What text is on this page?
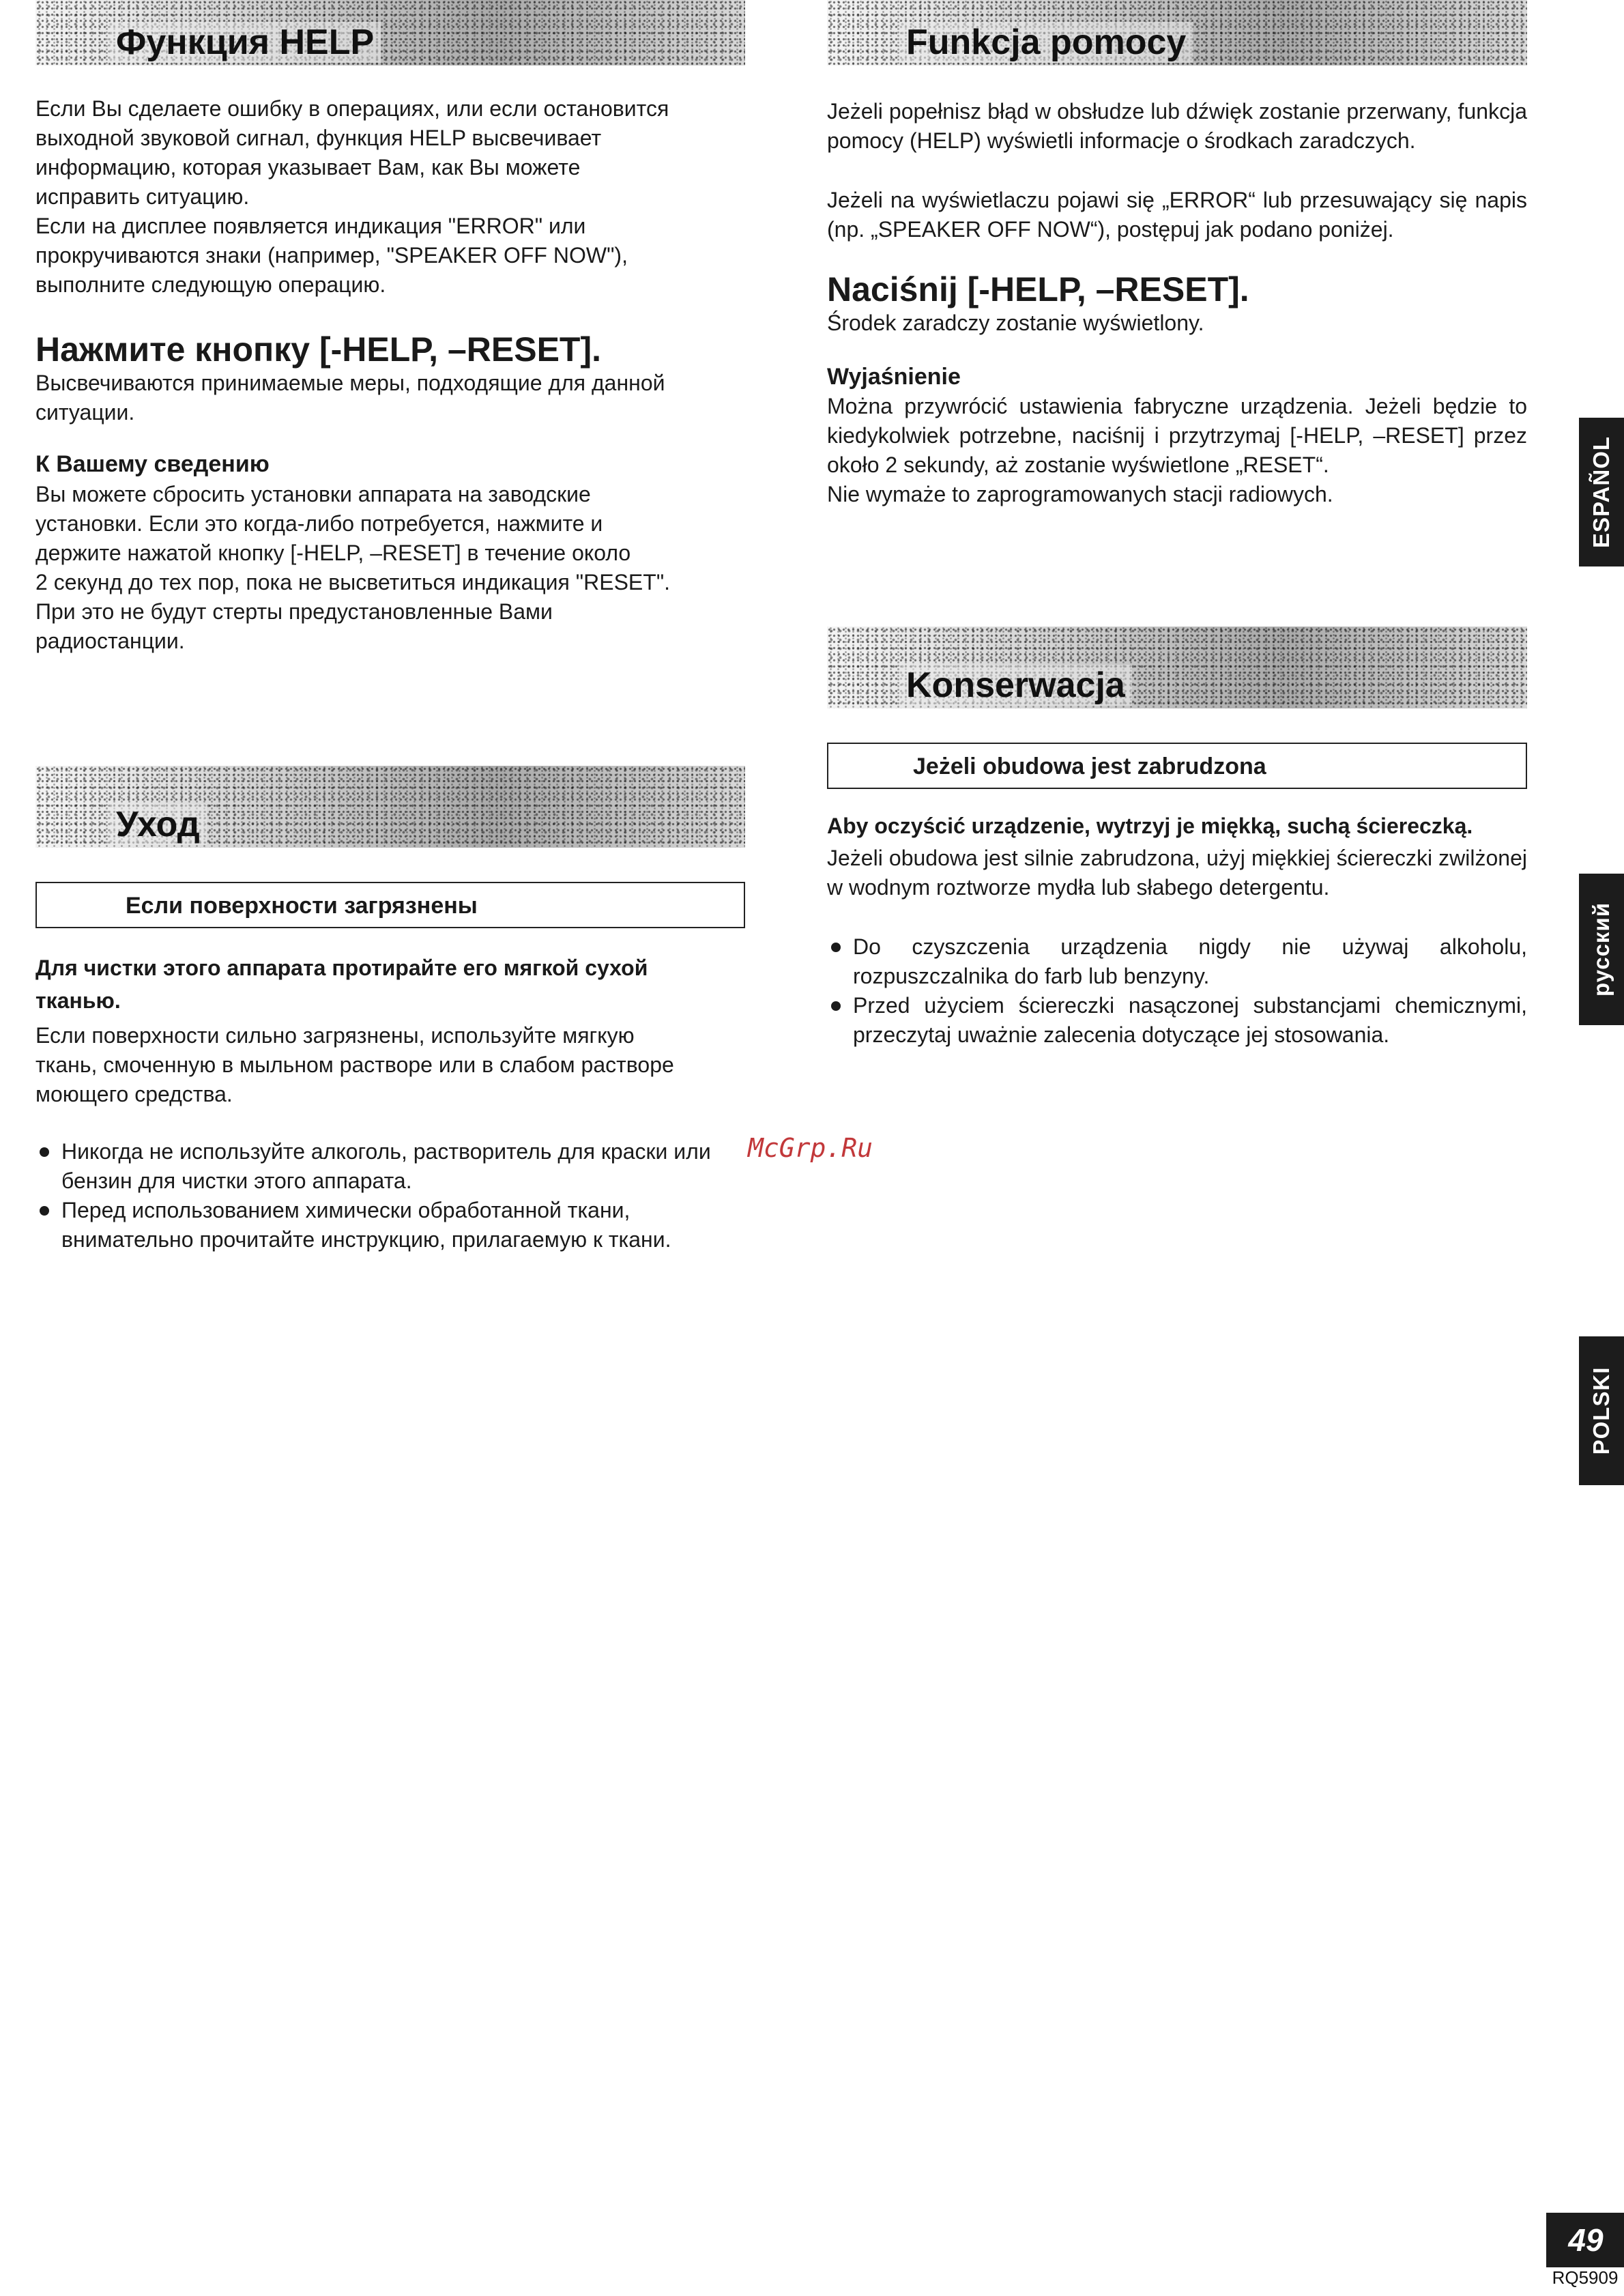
Функция HELP

Если Вы сделаете ошибку в операциях, или если остановится
выходной звуковой сигнал, функция HELP высвечивает
информацию, которая указывает Вам, как Вы можете
исправить ситуацию.
Если на дисплее появляется индикация "ERROR" или
прокручиваются знаки (например, "SPEAKER OFF NOW"),
выполните следующую операцию.

Нажмите кнопку [-HELP, –RESET].

Высвечиваются принимаемые меры, подходящие для данной
ситуации.

К Вашему сведению

Вы можете сбросить установки аппарата на заводские
установки. Если это когда-либо потребуется, нажмите и
держите нажатой кнопку [-HELP, –RESET] в течение около
2 секунд до тех пор, пока не высветиться индикация "RESET".
При это не будут стерты предустановленные Вами
радиостанции.

Уход
Если поверхности загрязнены

Для чистки этого аппарата протирайте его мягкой сухой
тканью.

Если поверхности сильно загрязнены, используйте мягкую
ткань, смоченную в мыльном растворе или в слабом растворе
моющего средства.

Никогда не используйте алкоголь, растворитель для краски или бензин для чистки этого аппарата.
Перед использованием химически обработанной ткани, внимательно прочитайте инструкцию, прилагаемую к ткани.
Funkcja pomocy

Jeżeli popełnisz błąd w obsłudze lub dźwięk zostanie przerwany, funkcja pomocy (HELP) wyświetli informacje o środkach zaradczych.

Jeżeli na wyświetlaczu pojawi się „ERROR“ lub przesuwający się napis (np. „SPEAKER OFF NOW“), postępuj jak podano poniżej.

Naciśnij [-HELP, –RESET].

Środek zaradczy zostanie wyświetlony.

Wyjaśnienie

Można przywrócić ustawienia fabryczne urządzenia. Jeżeli będzie to kiedykolwiek potrzebne, naciśnij i przytrzymaj [-HELP, –RESET] przez około 2 sekundy, aż zostanie wyświetlone „RESET“.

Nie wymaże to zaprogramowanych stacji radiowych.

Konserwacja
Jeżeli obudowa jest zabrudzona

Aby oczyścić urządzenie, wytrzyj je miękką, suchą ściereczką.

Jeżeli obudowa jest silnie zabrudzona, użyj miękkiej ściereczki zwilżonej w wodnym roztworze mydła lub słabego detergentu.

Do czyszczenia urządzenia nigdy nie używaj alkoholu, rozpuszczalnika do farb lub benzyny.
Przed użyciem ściereczki nasączonej substancjami chemicznymi, przeczytaj uważnie zalecenia dotyczące jej stosowania.
ESPAÑOL
русский
POLSKI
McGrp.Ru
49
RQ5909
